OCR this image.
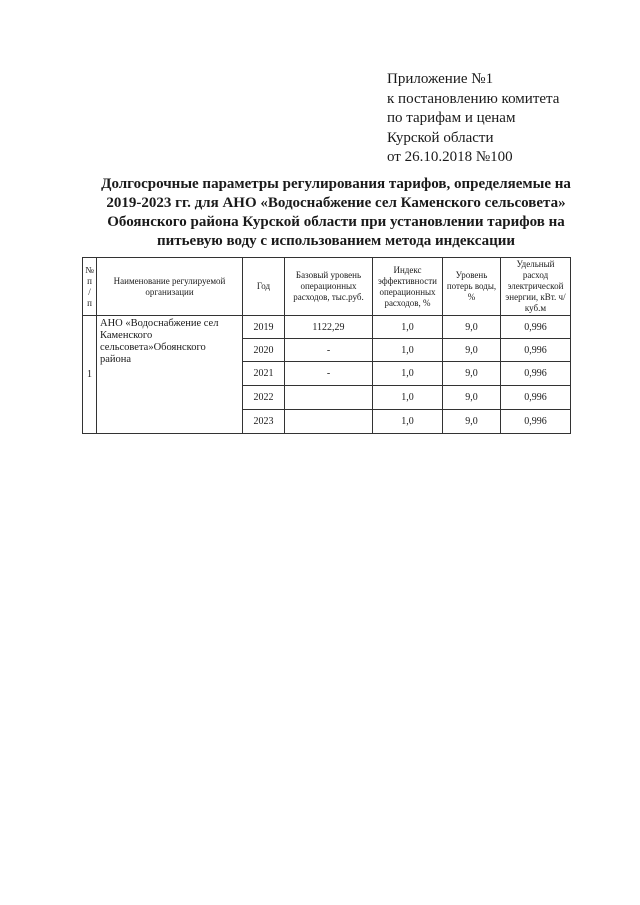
Приложение №1
к постановлению комитета
по тарифам и ценам
Курской области
от 26.10.2018 №100
Долгосрочные параметры регулирования тарифов, определяемые на
2019-2023 гг. для АНО «Водоснабжение сел Каменского сельсовета»
Обоянского района Курской области при установлении тарифов на
питьевую воду с использованием метода индексации
№
п
/
п	Наименование регулируемой организации	Год	Базовый уровень операционных расходов, тыс.руб.	Индекс эффективности операционных расходов, %	Уровень потерь воды, %	Удельный расход электрической энергии, кВт. ч/куб.м
1	АНО «Водоснабжение сел Каменского сельсовета»Обоянского района	2019	1122,29	1,0	9,0	0,996
		2020	-	1,0	9,0	0,996
		2021	-	1,0	9,0	0,996
		2022		1,0	9,0	0,996
		2023		1,0	9,0	0,996
